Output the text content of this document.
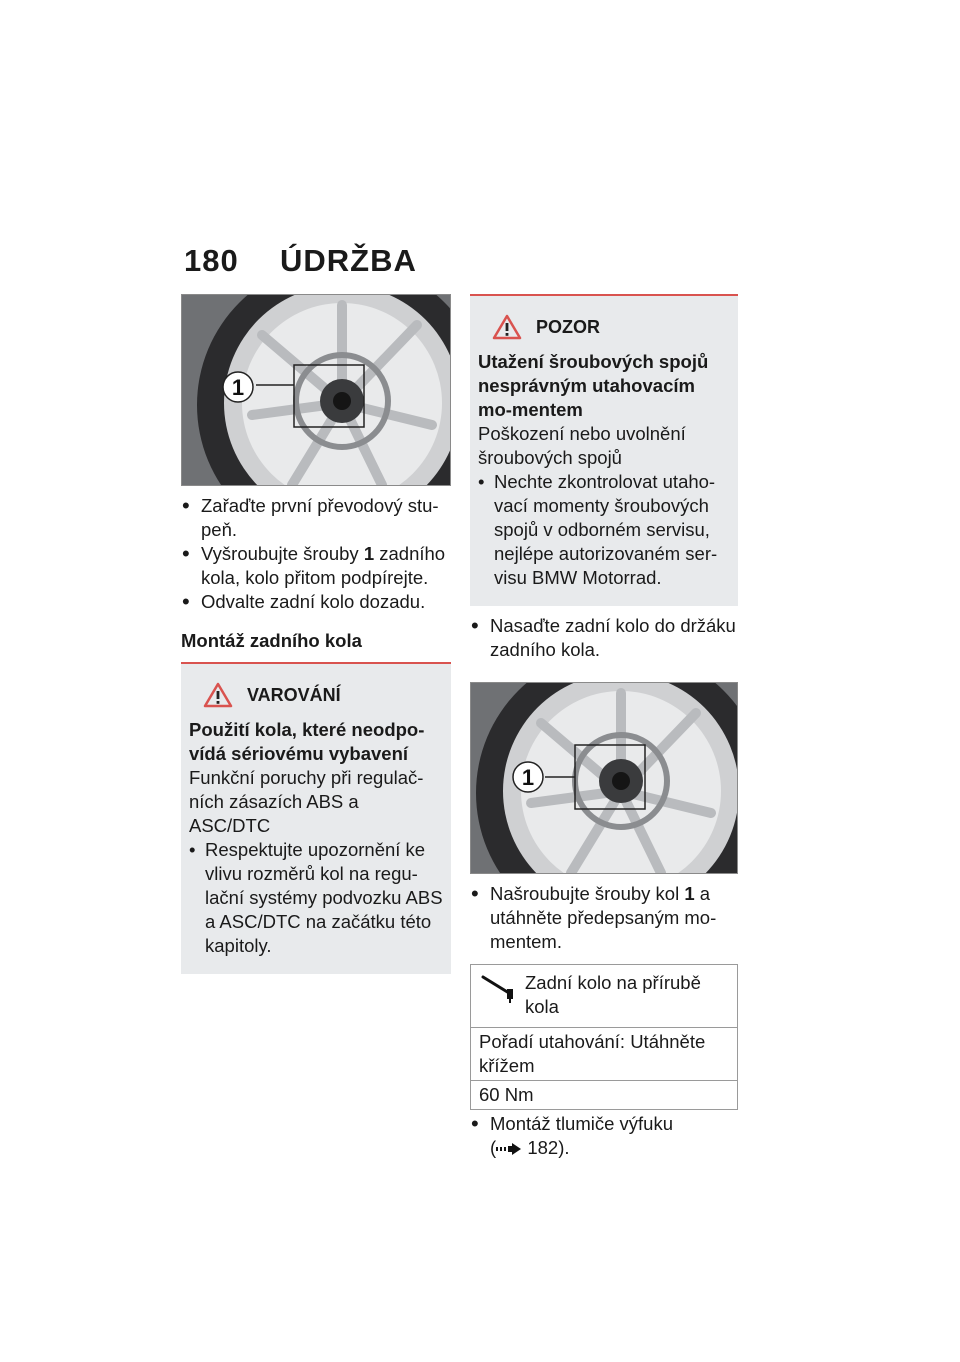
180 ÚDRŽBA
1
• Zařaďte první převodový stu-peň.
• Vyšroubujte šrouby 1 zadního kola, kolo přitom podpírejte.
• Odvalte zadní kolo dozadu.
Montáž zadního kola
VAROVÁNÍ
Použití kola, které neodpo-vídá sériovému vybavení
Funkční poruchy při regulač-ních zásazích ABS a ASC/DTC
• Respektujte upozornění ke vlivu rozměrů kol na regu-lační systémy podvozku ABS a ASC/DTC na začátku této kapitoly.
POZOR
Utažení šroubových spojů nesprávným utahovacím mo-mentem
Poškození nebo uvolnění šroubových spojů
• Nechte zkontrolovat utaho-vací momenty šroubových spojů v odborném servisu, nejlépe autorizovaném ser-visu BMW Motorrad.
• Nasaďte zadní kolo do držáku zadního kola.
1
• Našroubujte šrouby kol 1 a utáhněte předepsaným mo-mentem.
Zadní kolo na přírubě kola
Pořadí utahování: Utáhněte křížem
60 Nm
• Montáž tlumiče výfuku
( 182).
